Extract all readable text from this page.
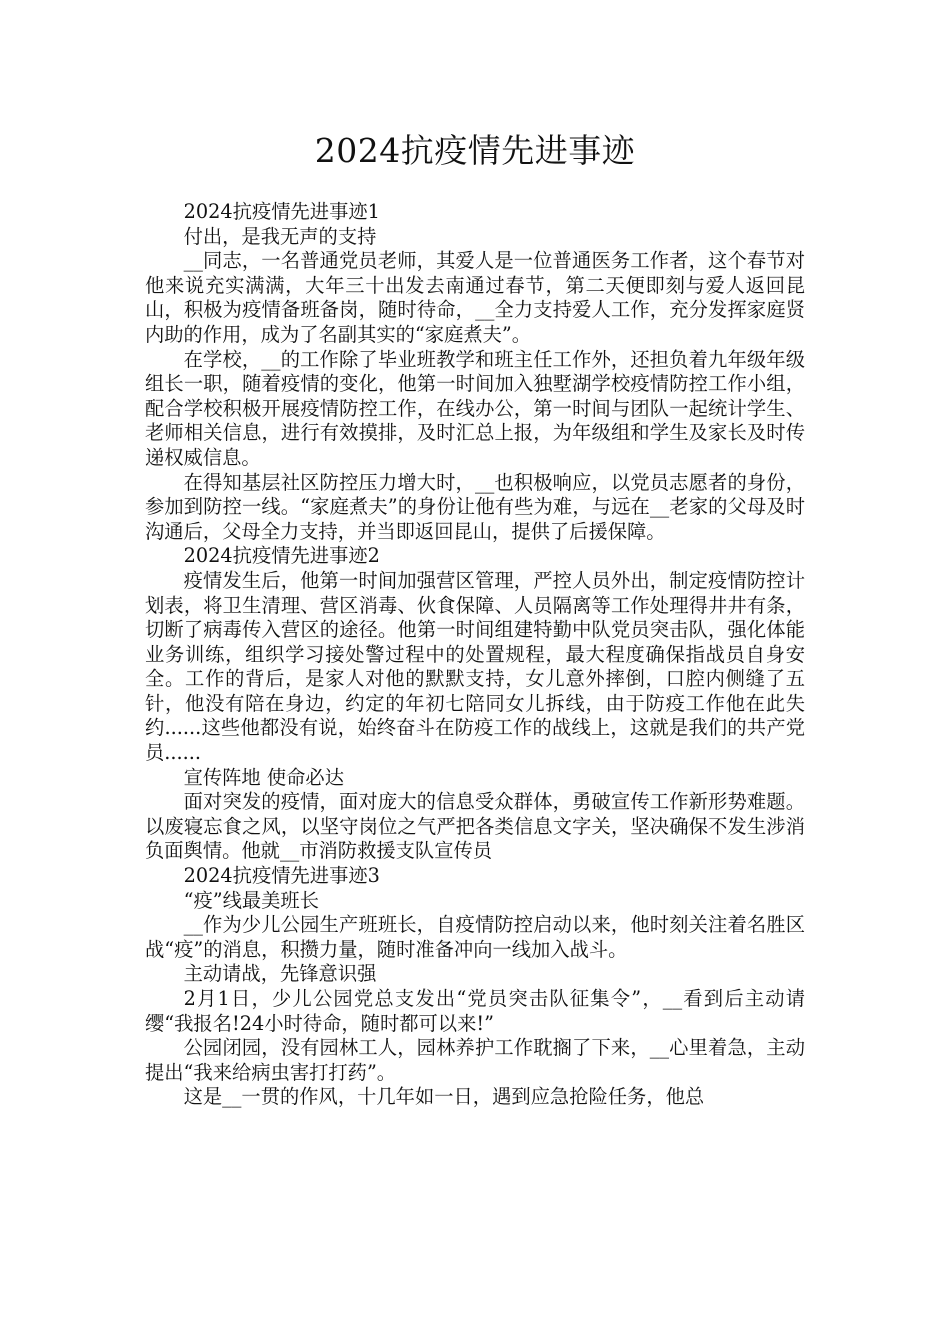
2024抗疫情先进事迹

2024抗疫情先进事迹1

付出，是我无声的支持

__同志，一名普通党员老师，其爱人是一位普通医务工作者，这个春节对他来说充实满满，大年三十出发去南通过春节，第二天便即刻与爱人返回昆山，积极为疫情备班备岗，随时待命，__全力支持爱人工作，充分发挥家庭贤内助的作用，成为了名副其实的“家庭煮夫”。

在学校，__的工作除了毕业班教学和班主任工作外，还担负着九年级年级组长一职，随着疫情的变化，他第一时间加入独墅湖学校疫情防控工作小组，配合学校积极开展疫情防控工作，在线办公，第一时间与团队一起统计学生、老师相关信息，进行有效摸排，及时汇总上报，为年级组和学生及家长及时传递权威信息。

在得知基层社区防控压力增大时，__也积极响应，以党员志愿者的身份，参加到防控一线。“家庭煮夫”的身份让他有些为难，与远在__老家的父母及时沟通后，父母全力支持，并当即返回昆山，提供了后援保障。

2024抗疫情先进事迹2

疫情发生后，他第一时间加强营区管理，严控人员外出，制定疫情防控计划表，将卫生清理、营区消毒、伙食保障、人员隔离等工作处理得井井有条，切断了病毒传入营区的途径。他第一时间组建特勤中队党员突击队，强化体能业务训练，组织学习接处警过程中的处置规程，最大程度确保指战员自身安全。工作的背后，是家人对他的默默支持，女儿意外摔倒，口腔内侧缝了五针，他没有陪在身边，约定的年初七陪同女儿拆线，由于防疫工作他在此失约......这些他都没有说，始终奋斗在防疫工作的战线上，这就是我们的共产党员......

宣传阵地 使命必达

面对突发的疫情，面对庞大的信息受众群体，勇破宣传工作新形势难题。以废寝忘食之风，以坚守岗位之气严把各类信息文字关，坚决确保不发生涉消负面舆情。他就__市消防救援支队宣传员

2024抗疫情先进事迹3

“疫”线最美班长

__作为少儿公园生产班班长，自疫情防控启动以来，他时刻关注着名胜区战“疫”的消息，积攒力量，随时准备冲向一线加入战斗。

主动请战，先锋意识强

2月1日，少儿公园党总支发出“党员突击队征集令”，__看到后主动请缨“我报名!24小时待命，随时都可以来!”

公园闭园，没有园林工人，园林养护工作耽搁了下来，__心里着急，主动提出“我来给病虫害打打药”。

这是__一贯的作风，十几年如一日，遇到应急抢险任务，他总
